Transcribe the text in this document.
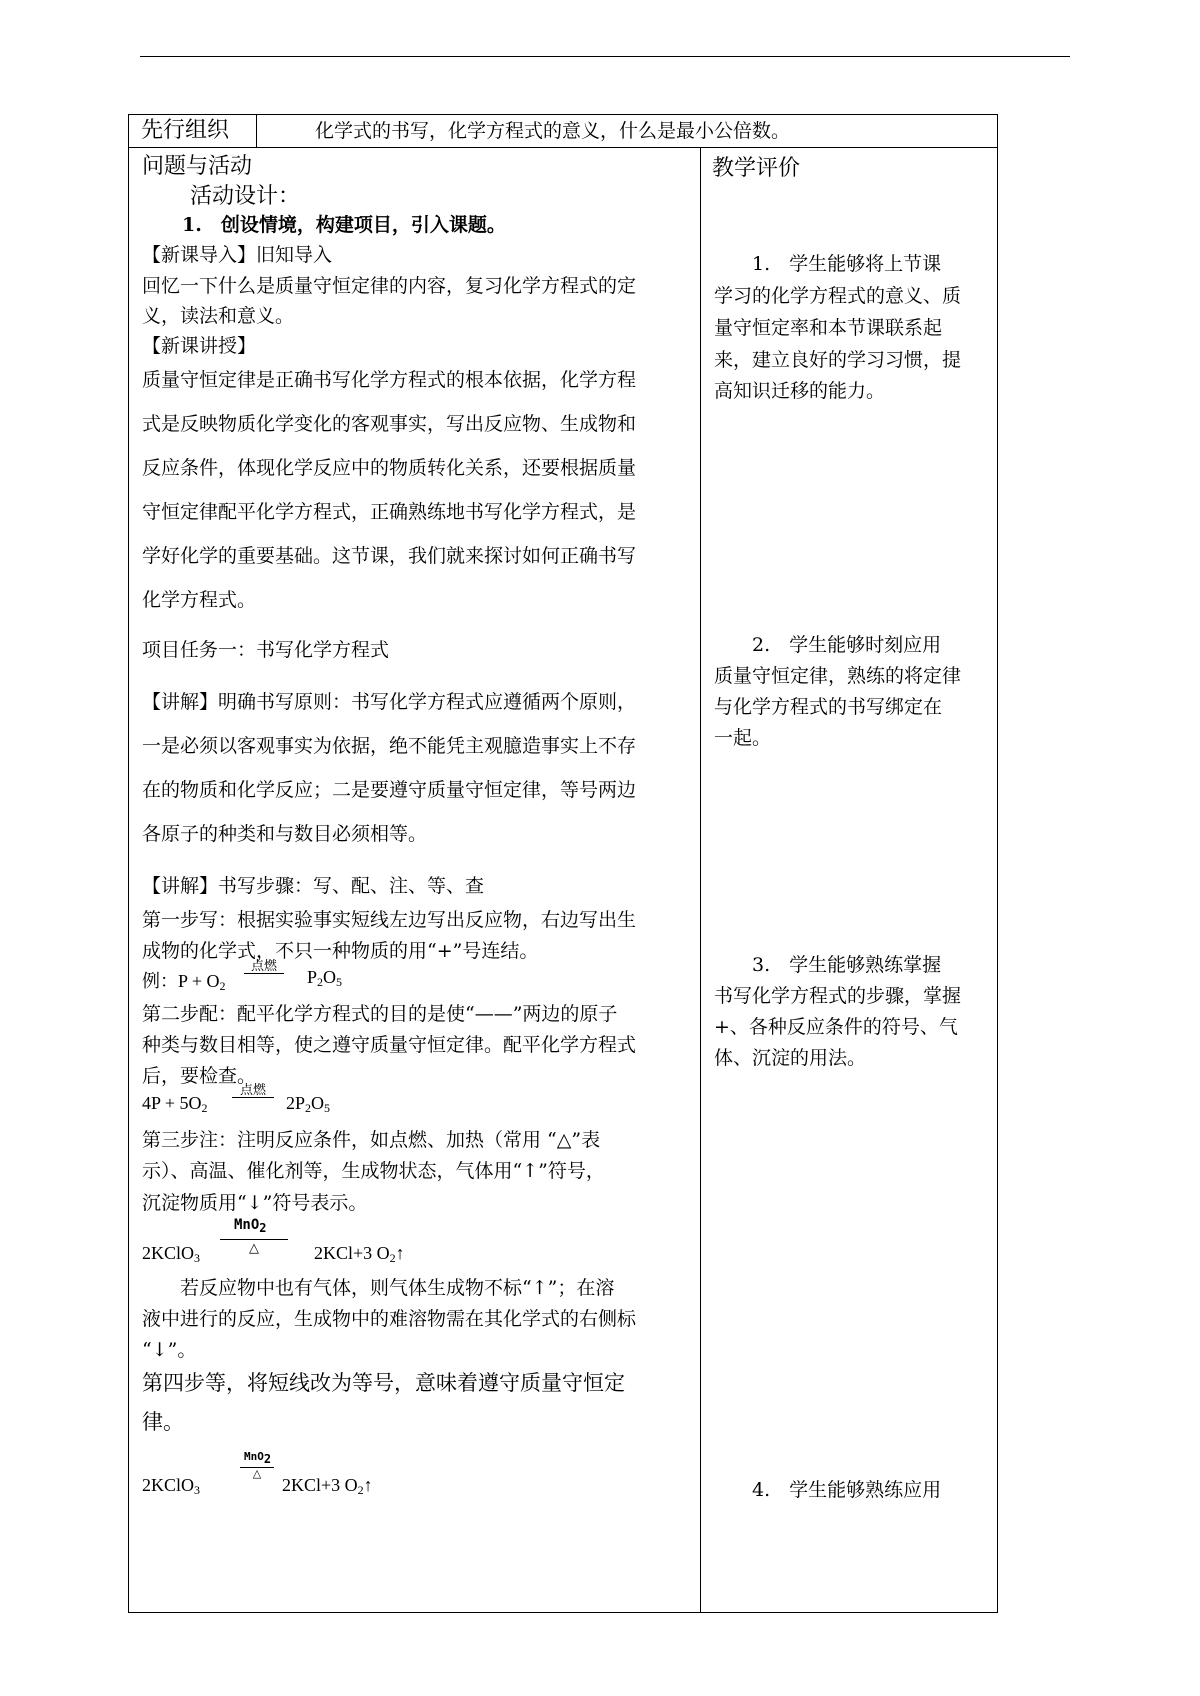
先行组织	化学式的书写，化学方程式的意义，什么是最小公倍数。
问题与活动
活动设计：
1.　创设情境，构建项目，引入课题。
【新课导入】旧知导入
回忆一下什么是质量守恒定律的内容，复习化学方程式的定
义，读法和意义。
【新课讲授】
质量守恒定律是正确书写化学方程式的根本依据，化学方程
式是反映物质化学变化的客观事实，写出反应物、生成物和
反应条件，体现化学反应中的物质转化关系，还要根据质量
守恒定律配平化学方程式，正确熟练地书写化学方程式，是
学好化学的重要基础。这节课，我们就来探讨如何正确书写
化学方程式。
项目任务一：书写化学方程式
【讲解】明确书写原则：书写化学方程式应遵循两个原则，
一是必须以客观事实为依据，绝不能凭主观臆造事实上不存
在的物质和化学反应；二是要遵守质量守恒定律，等号两边
各原子的种类和与数目必须相等。
【讲解】书写步骤：写、配、注、等、查
第一步写：根据实验事实短线左边写出反应物，右边写出生
成物的化学式，不只一种物质的用“+”号连结。
例：$P + O_2$
点燃
$P_2O_5$
第二步配：配平化学方程式的目的是使“——”两边的原子
种类与数目相等，使之遵守质量守恒定律。配平化学方程式
后，要检查。
$4P + 5O_2$
点燃
$2P_2O_5$
第三步注：注明反应条件，如点燃、加热（常用 “△”表
示）、高温、催化剂等，生成物状态，气体用“↑”符号，
沉淀物质用“↓”符号表示。
MnO$_2$
△
2KClO$_3$	2KCl+3 $O_2↑$
若反应物中也有气体，则气体生成物不标“↑”；在溶
液中进行的反应，生成物中的难溶物需在其化学式的右侧标
“↓”。
第四步等，将短线改为等号，意味着遵守质量守恒定
律。
MnO$_2$
△
2KClO$_3$	2KCl+3 $O_2↑$
教学评价
1.　学生能够将上节课
学习的化学方程式的意义、质
量守恒定率和本节课联系起
来，建立良好的学习习惯，提
高知识迁移的能力。
2.　学生能够时刻应用
质量守恒定律，熟练的将定律
与化学方程式的书写绑定在
一起。
3.　学生能够熟练掌握
书写化学方程式的步骤，掌握
+、各种反应条件的符号、气
体、沉淀的用法。
4.　学生能够熟练应用
